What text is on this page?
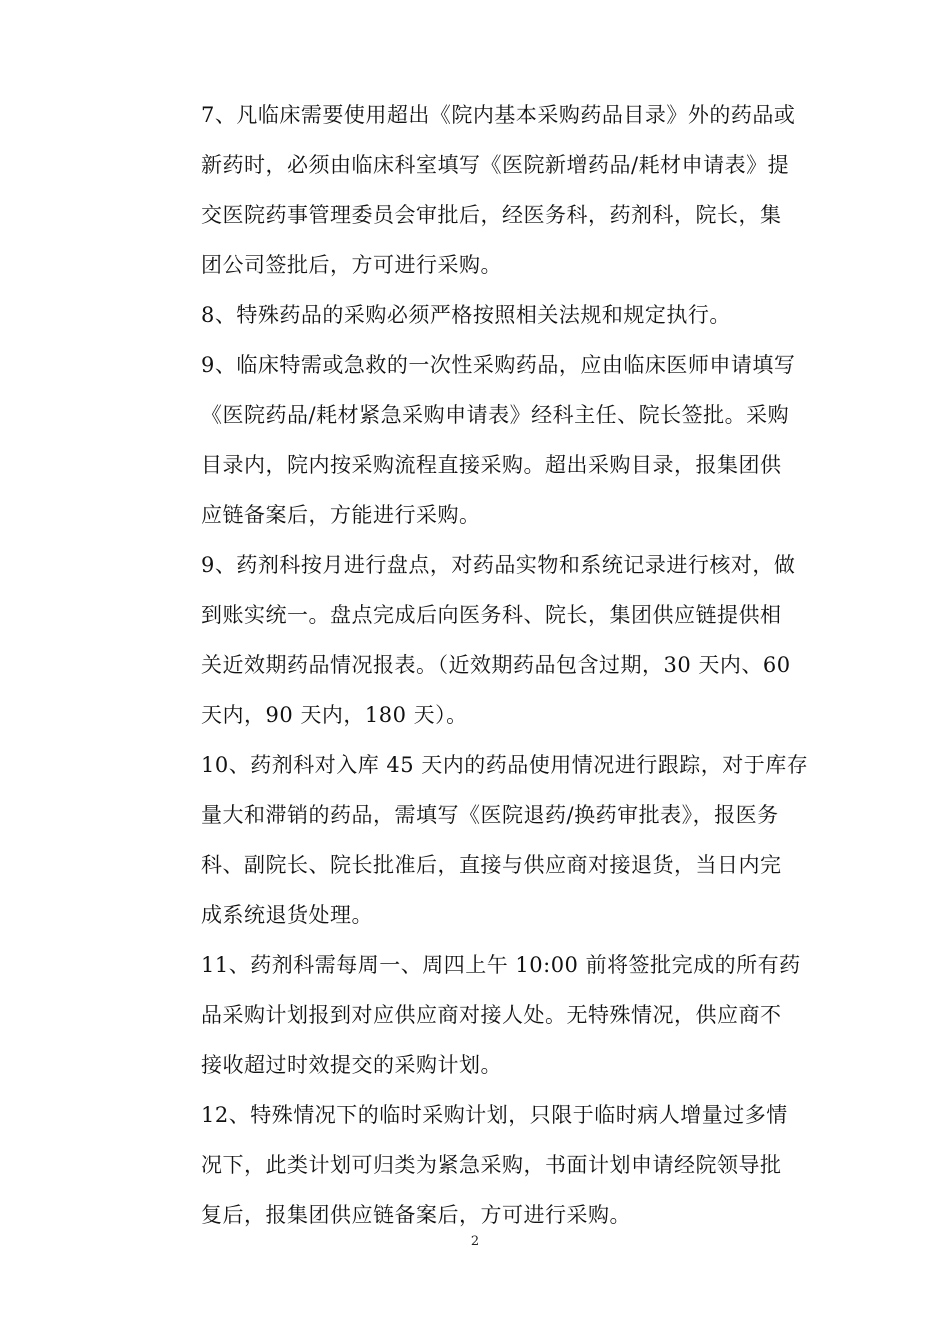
7、凡临床需要使用超出《院内基本采购药品目录》外的药品或
新药时，必须由临床科室填写《医院新增药品/耗材申请表》提
交医院药事管理委员会审批后，经医务科，药剂科，院长，集
团公司签批后，方可进行采购。
8、特殊药品的采购必须严格按照相关法规和规定执行。
9、临床特需或急救的一次性采购药品，应由临床医师申请填写
《医院药品/耗材紧急采购申请表》经科主任、院长签批。采购
目录内，院内按采购流程直接采购。超出采购目录，报集团供
应链备案后，方能进行采购。
9、药剂科按月进行盘点，对药品实物和系统记录进行核对，做
到账实统一。盘点完成后向医务科、院长，集团供应链提供相
关近效期药品情况报表。（近效期药品包含过期，30 天内、60
天内，90 天内，180 天）。
10、药剂科对入库 45 天内的药品使用情况进行跟踪，对于库存
量大和滞销的药品，需填写《医院退药/换药审批表》，报医务
科、副院长、院长批准后，直接与供应商对接退货，当日内完
成系统退货处理。
11、药剂科需每周一、周四上午 10:00 前将签批完成的所有药
品采购计划报到对应供应商对接人处。无特殊情况，供应商不
接收超过时效提交的采购计划。
12、特殊情况下的临时采购计划，只限于临时病人增量过多情
况下，此类计划可归类为紧急采购，书面计划申请经院领导批
复后，报集团供应链备案后，方可进行采购。
2
